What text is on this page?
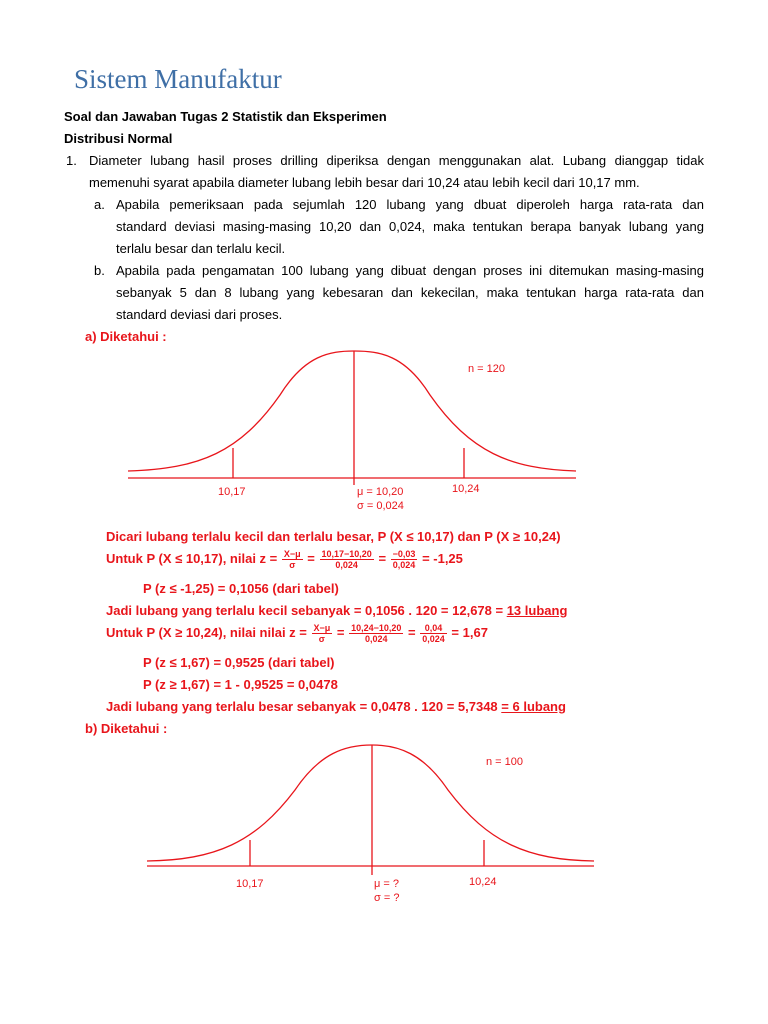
Sistem Manufaktur
Soal dan Jawaban Tugas 2 Statistik dan Eksperimen
Distribusi Normal
1. Diameter lubang hasil proses drilling diperiksa dengan menggunakan alat. Lubang dianggap tidak
memenuhi syarat apabila diameter lubang lebih besar dari 10,24 atau lebih kecil dari 10,17 mm.
a. Apabila pemeriksaan pada sejumlah 120 lubang yang dbuat diperoleh harga rata-rata dan
standard deviasi masing-masing 10,20 dan 0,024, maka tentukan berapa banyak lubang yang
terlalu besar dan terlalu kecil.
b. Apabila pada pengamatan 100 lubang yang dibuat dengan proses ini ditemukan masing-masing
sebanyak 5 dan 8 lubang yang kebesaran dan kekecilan, maka tentukan harga rata-rata dan
standard deviasi dari proses.
a) Diketahui :
n = 120
10,17	10,24
μ = 10,20
σ = 0,024
Dicari lubang terlalu kecil dan terlalu besar, P (X ≤ 10,17) dan P (X ≥ 10,24)
Untuk P (X ≤ 10,17), nilai $z = \frac{X-\mu}{\sigma} = \frac{10,17-10,20}{0,024} = \frac{-0,03}{0,024} = -1,25$
P (z ≤ -1,25) = 0,1056 (dari tabel)
Jadi lubang yang terlalu kecil sebanyak = 0,1056 . 120 = 12,678 = 13 lubang
Untuk P (X ≥ 10,24), nilai nilai $z = \frac{X-\mu}{\sigma} = \frac{10,24-10,20}{0,024} = \frac{0,04}{0,024} = 1,67$
P (z ≤ 1,67) = 0,9525 (dari tabel)
P (z ≥ 1,67) = 1 - 0,9525 = 0,0478
Jadi lubang yang terlalu besar sebanyak = 0,0478 . 120 = 5,7348 = 6 lubang
b) Diketahui :
n = 100
10,17	10,24
μ = ?
σ = ?
